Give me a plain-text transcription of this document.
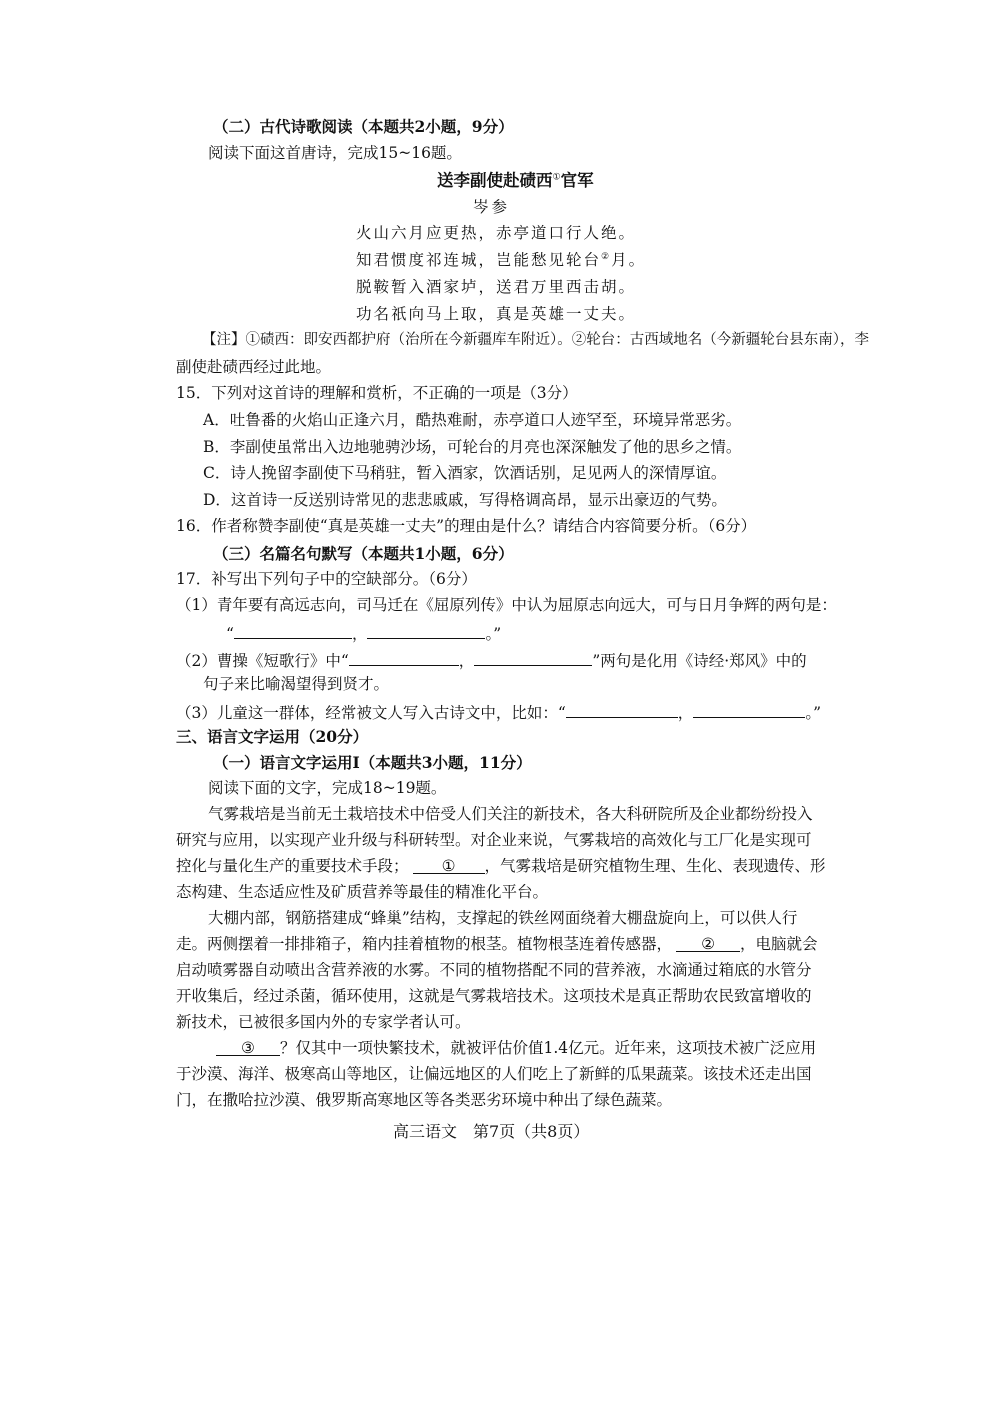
（二）古代诗歌阅读（本题共2小题，9分）
阅读下面这首唐诗，完成15~16题。
送李副使赴碛西①官军
岑参
火山六月应更热，赤亭道口行人绝。
知君惯度祁连城，岂能愁见轮台②月。
脱鞍暂入酒家垆，送君万里西击胡。
功名祇向马上取，真是英雄一丈夫。
【注】①碛西：即安西都护府（治所在今新疆库车附近）。②轮台：古西域地名（今新疆轮台县东南），李
副使赴碛西经过此地。
15．下列对这首诗的理解和赏析，不正确的一项是（3分）
A．吐鲁番的火焰山正逢六月，酷热难耐，赤亭道口人迹罕至，环境异常恶劣。
B．李副使虽常出入边地驰骋沙场，可轮台的月亮也深深触发了他的思乡之情。
C．诗人挽留李副使下马稍驻，暂入酒家，饮酒话别，足见两人的深情厚谊。
D．这首诗一反送别诗常见的悲悲戚戚，写得格调高昂，显示出豪迈的气势。
16．作者称赞李副使“真是英雄一丈夫”的理由是什么？请结合内容简要分析。（6分）
（三）名篇名句默写（本题共1小题，6分）
17．补写出下列句子中的空缺部分。（6分）
（1）青年要有高远志向，司马迁在《屈原列传》中认为屈原志向远大，可与日月争辉的两句是：
“	，	。”
（2）曹操《短歌行》中“	，	”两句是化用《诗经·郑风》中的
句子来比喻渴望得到贤才。
（3）儿童这一群体，经常被文人写入古诗文中，比如：“	，	。”
三、语言文字运用（20分）
（一）语言文字运用Ⅰ（本题共3小题，11分）
阅读下面的文字，完成18~19题。
气雾栽培是当前无土栽培技术中倍受人们关注的新技术，各大科研院所及企业都纷纷投入
研究与应用，以实现产业升级与科研转型。对企业来说，气雾栽培的高效化与工厂化是实现可
控化与量化生产的重要技术手段； ① ，气雾栽培是研究植物生理、生化、表现遗传、形
态构建、生态适应性及矿质营养等最佳的精准化平台。
大棚内部，钢筋搭建成“蜂巢”结构，支撑起的铁丝网面绕着大棚盘旋向上，可以供人行
走。两侧摆着一排排箱子，箱内挂着植物的根茎。植物根茎连着传感器， ② ，电脑就会
启动喷雾器自动喷出含营养液的水雾。不同的植物搭配不同的营养液，水滴通过箱底的水管分
开收集后，经过杀菌，循环使用，这就是气雾栽培技术。这项技术是真正帮助农民致富增收的
新技术，已被很多国内外的专家学者认可。
③ ？仅其中一项快繁技术，就被评估价值1.4亿元。近年来，这项技术被广泛应用
于沙漠、海洋、极寒高山等地区，让偏远地区的人们吃上了新鲜的瓜果蔬菜。该技术还走出国
门，在撒哈拉沙漠、俄罗斯高寒地区等各类恶劣环境中种出了绿色蔬菜。
高三语文　第7页（共8页）
